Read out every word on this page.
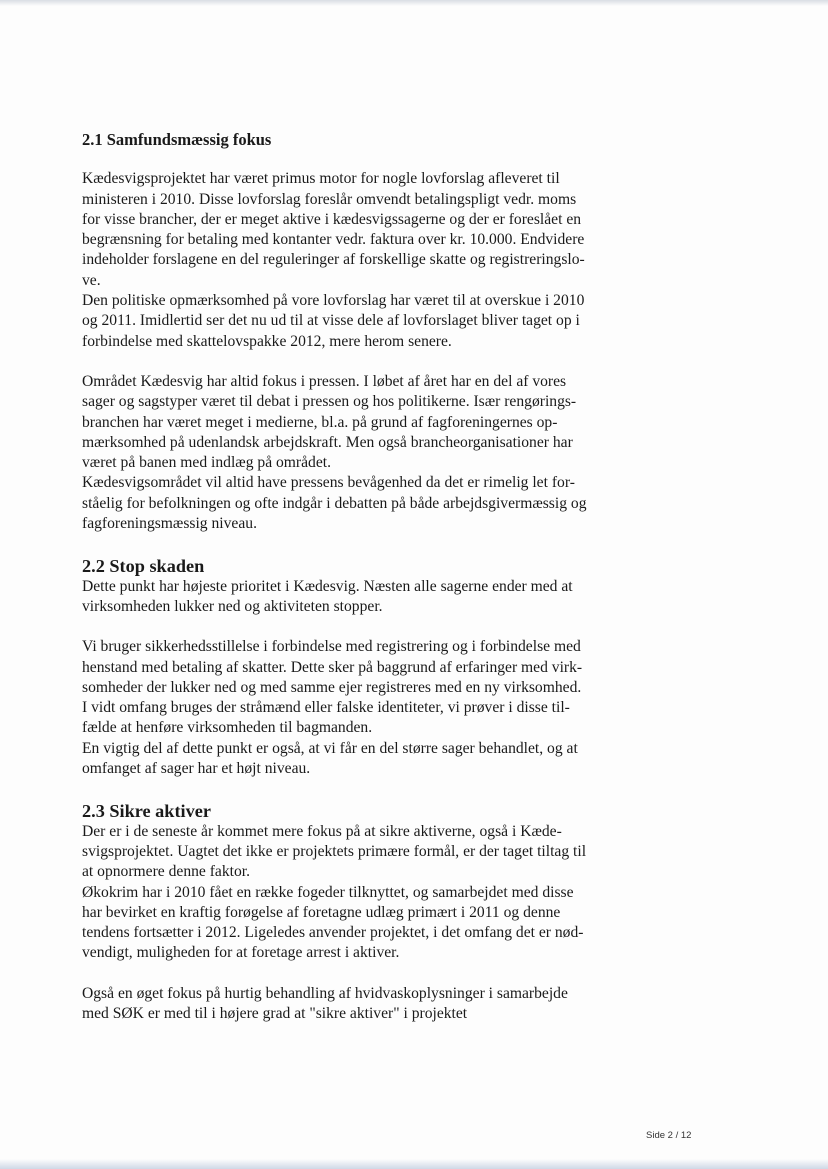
2.1 Samfundsmæssig fokus

Kædesvigsprojektet har været primus motor for nogle lovforslag afleveret til
ministeren i 2010. Disse lovforslag foreslår omvendt betalingspligt vedr. moms
for visse brancher, der er meget aktive i kædesvigssagerne og der er foreslået en
begrænsning for betaling med kontanter vedr. faktura over kr. 10.000. Endvidere
indeholder forslagene en del reguleringer af forskellige skatte og registreringslo-
ve.

Den politiske opmærksomhed på vore lovforslag har været til at overskue i 2010
og 2011. Imidlertid ser det nu ud til at visse dele af lovforslaget bliver taget op i
forbindelse med skattelovspakke 2012, mere herom senere.

Området Kædesvig har altid fokus i pressen. I løbet af året har en del af vores
sager og sagstyper været til debat i pressen og hos politikerne. Især rengørings-
branchen har været meget i medierne, bl.a. på grund af fagforeningernes op-
mærksomhed på udenlandsk arbejdskraft. Men også brancheorganisationer har
været på banen med indlæg på området.

Kædesvigsområdet vil altid have pressens bevågenhed da det er rimelig let for-
ståelig for befolkningen og ofte indgår i debatten på både arbejdsgivermæssig og
fagforeningsmæssig niveau.

2.2 Stop skaden

Dette punkt har højeste prioritet i Kædesvig. Næsten alle sagerne ender med at
virksomheden lukker ned og aktiviteten stopper.

Vi bruger sikkerhedsstillelse i forbindelse med registrering og i forbindelse med
henstand med betaling af skatter. Dette sker på baggrund af erfaringer med virk-
somheder der lukker ned og med samme ejer registreres med en ny virksomhed.
I vidt omfang bruges der stråmænd eller falske identiteter, vi prøver i disse til-
fælde at henføre virksomheden til bagmanden.

En vigtig del af dette punkt er også, at vi får en del større sager behandlet, og at
omfanget af sager har et højt niveau.

2.3 Sikre aktiver

Der er i de seneste år kommet mere fokus på at sikre aktiverne, også i Kæde-
svigsprojektet. Uagtet det ikke er projektets primære formål, er der taget tiltag til
at opnormere denne faktor.

Økokrim har i 2010 fået en række fogeder tilknyttet, og samarbejdet med disse
har bevirket en kraftig forøgelse af foretagne udlæg primært i 2011 og denne
tendens fortsætter i 2012. Ligeledes anvender projektet, i det omfang det er nød-
vendigt, muligheden for at foretage arrest i aktiver.

Også en øget fokus på hurtig behandling af hvidvaskoplysninger i samarbejde
med SØK er med til i højere grad at "sikre aktiver" i projektet

Side 2 / 12
